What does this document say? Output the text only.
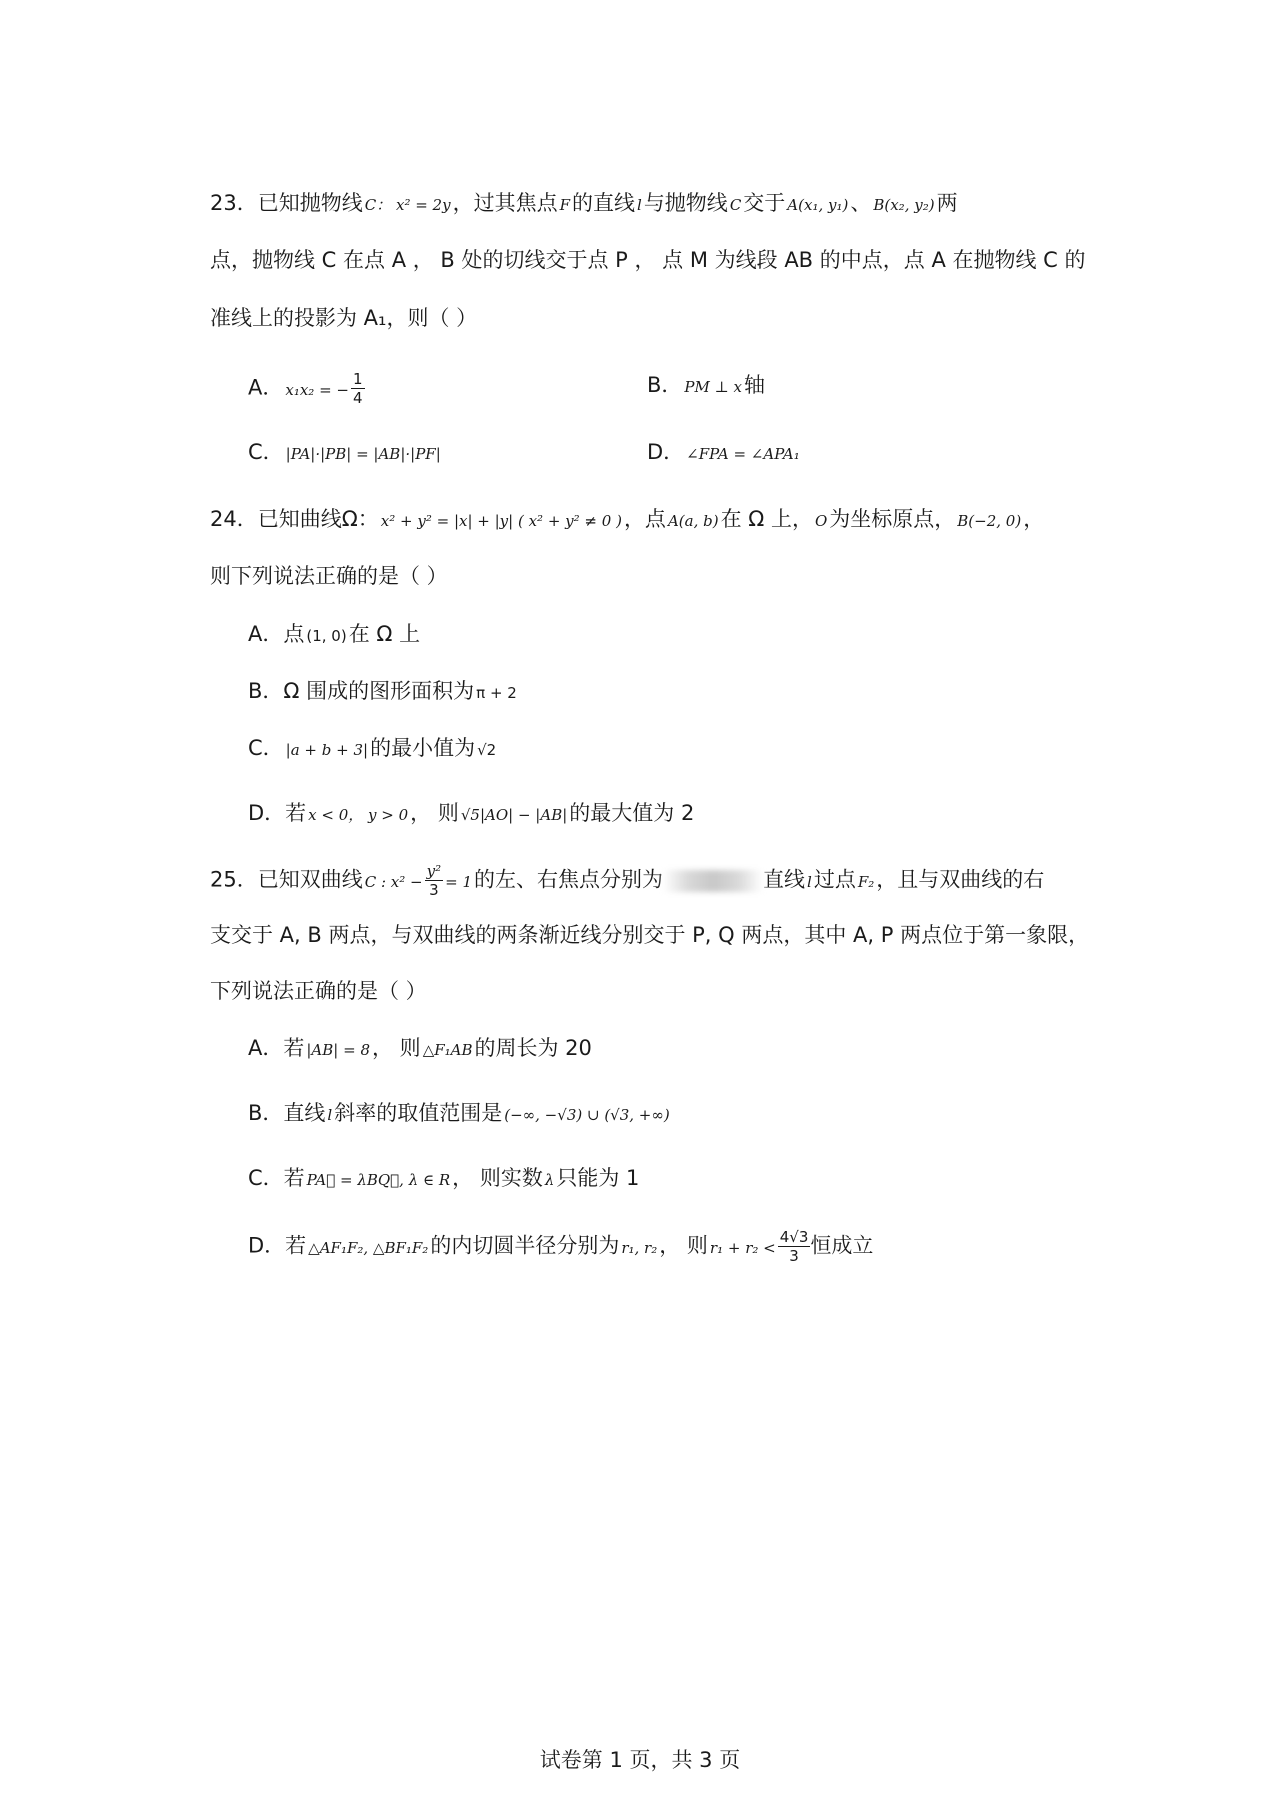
23．已知抛物线 C： x² = 2y，过其焦点 F的直线 l与抛物线 C交于 A(x₁, y₁)、 B(x₂, y₂)两
点，抛物线 C 在点 A ， B 处的切线交于点 P ， 点 M 为线段 AB 的中点，点 A 在抛物线 C 的
准线上的投影为 A₁，则（ ）
A． x₁x₂ = − $\frac{1}{4}$	B． PM ⊥ x轴
C． |PA|·|PB| = |AB|·|PF|	D． ∠FPA = ∠APA₁
24．已知曲线Ω： x² + y² = |x| + |y| ( x² + y² ≠ 0 )，点 A(a, b)在 Ω 上， O为坐标原点， B(−2, 0)，
则下列说法正确的是（ ）
A．点 (1, 0)在 Ω 上
B．Ω 围成的图形面积为 π + 2
C． |a + b + 3|的最小值为 √2
D．若 x < 0， y > 0， 则 √5|AO| − |AB|的最大值为 2
25．已知双曲线 C : $x^2 - \frac{\text{y²}}{3} = 1$的左、右焦点分别为	直线 l过点 F₂，且与双曲线的右
支交于 A, B 两点，与双曲线的两条渐近线分别交于 P, Q 两点，其中 A, P 两点位于第一象限，
下列说法正确的是（ ）
A．若 |AB| = 8， 则 △F₁AB的周长为 20
B．直线 l斜率的取值范围是 (−∞, −√3) ∪ (√3, +∞)
C．若 PA⃗ = λBQ⃗, λ ∈ R， 则实数 λ只能为 1
D．若 △AF₁F₂, △BF₁F₂的内切圆半径分别为 r₁, r₂， 则 $r_1 + r_2 < \frac{4√3}{3}$ 恒成立
试卷第 1 页，共 3 页
